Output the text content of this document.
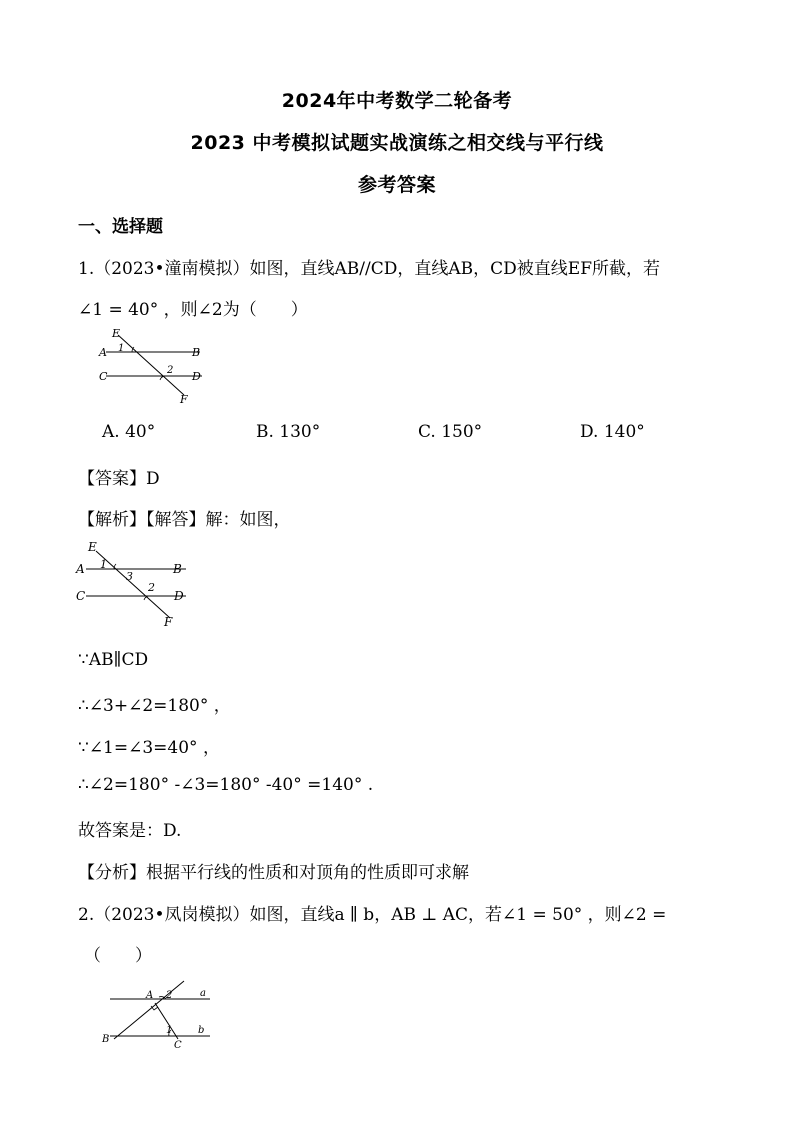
2024年中考数学二轮备考
2023 中考模拟试题实战演练之相交线与平行线
参考答案
一、选择题
1.（2023•潼南模拟）如图，直线AB//CD，直线AB，CD被直线EF所截，若
∠1 = 40° ，则∠2为（　　）
E
A	B
C	D
F
1
2
A. 40°	B. 130°	C. 150°	D. 140°
【答案】D
【解析】【解答】解：如图，
E
A	B
C	D
F
1
3
2
∵AB∥CD
∴∠3+∠2=180° ，
∵∠1=∠3=40° ，
∴∠2=180° -∠3=180° -40° =140° .
故答案是：D.
【分析】根据平行线的性质和对顶角的性质即可求解
2.（2023•凤岗模拟）如图，直线a ∥ b，AB ⊥ AC，若∠1 = 50° ，则∠2 =
（　　）
A 2	a
1	b
B
C
